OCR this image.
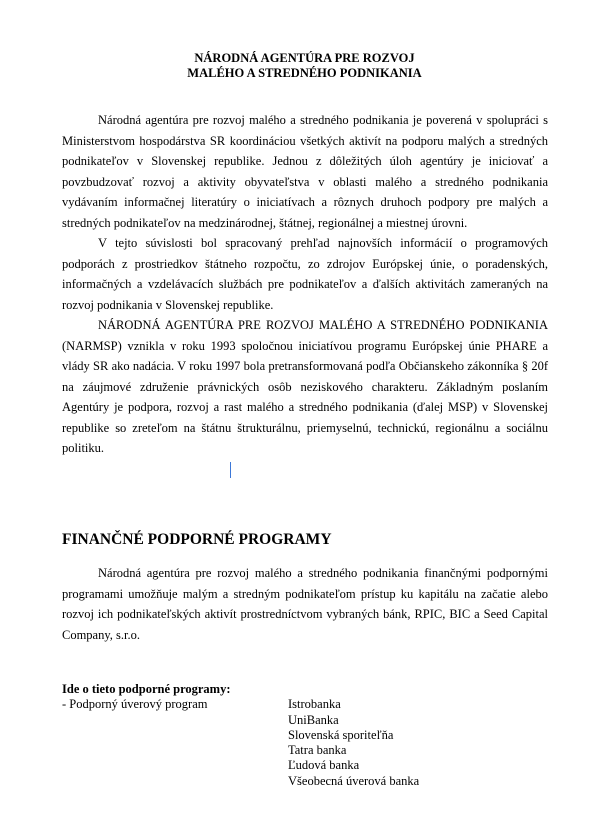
NÁRODNÁ AGENTÚRA PRE ROZVOJ
MALÉHO A STREDNÉHO PODNIKANIA

Národná agentúra pre rozvoj malého a stredného podnikania je poverená v spolupráci s Ministerstvom hospodárstva SR koordináciou všetkých aktivít na podporu malých a stredných podnikateľov v Slovenskej republike. Jednou z dôležitých úloh agentúry je iniciovať a povzbudzovať rozvoj a aktivity obyvateľstva v oblasti malého a stredného podnikania vydávaním informačnej literatúry o iniciatívach a rôznych druhoch podpory pre malých a stredných podnikateľov na medzinárodnej, štátnej, regionálnej a miestnej úrovni.

V tejto súvislosti bol spracovaný prehľad najnovších informácií o programových podporách z prostriedkov štátneho rozpočtu, zo zdrojov Európskej únie, o poradenských, informačných a vzdelávacích službách pre podnikateľov a ďalších aktivitách zameraných na rozvoj podnikania v Slovenskej republike.

NÁRODNÁ AGENTÚRA PRE ROZVOJ MALÉHO A STREDNÉHO PODNIKANIA (NARMSP) vznikla v roku 1993 spoločnou iniciatívou programu Európskej únie PHARE a vlády SR ako nadácia. V roku 1997 bola pretransformovaná podľa Občianskeho zákonníka § 20f na záujmové združenie právnických osôb neziskového charakteru. Základným poslaním Agentúry je podpora, rozvoj a rast malého a stredného podnikania (ďalej MSP) v Slovenskej republike so zreteľom na štátnu štrukturálnu, priemyselnú, technickú, regionálnu a sociálnu politiku.

FINANČNÉ PODPORNÉ PROGRAMY

Národná agentúra pre rozvoj malého a stredného podnikania finančnými podpornými programami umožňuje malým a stredným podnikateľom prístup ku kapitálu na začatie alebo rozvoj ich podnikateľských aktivít prostredníctvom vybraných bánk, RPIC, BIC a Seed Capital Company, s.r.o.

Ide o tieto podporné programy:
- Podporný úverový program	Istrobanka
UniBanka
Slovenská sporiteľňa
Tatra banka
Ľudová banka
Všeobecná úverová banka
